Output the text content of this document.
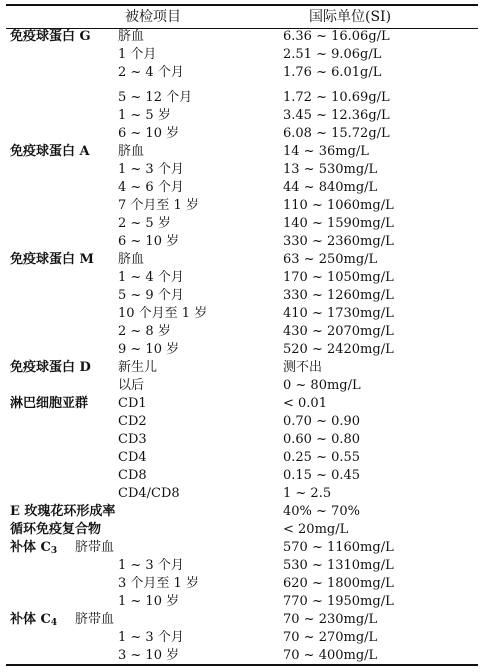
被检项目	国际单位(SI)
免疫球蛋白 G 脐血	6.36 ~ 16.06g/L
1 个月	2.51 ~ 9.06g/L
2 ~ 4 个月	1.76 ~ 6.01g/L
5 ~ 12 个月	1.72 ~ 10.69g/L
1 ~ 5 岁	3.45 ~ 12.36g/L
6 ~ 10 岁	6.08 ~ 15.72g/L
免疫球蛋白 A 脐血	14 ~ 36mg/L
1 ~ 3 个月	13 ~ 530mg/L
4 ~ 6 个月	44 ~ 840mg/L
7 个月至 1 岁	110 ~ 1060mg/L
2 ~ 5 岁	140 ~ 1590mg/L
6 ~ 10 岁	330 ~ 2360mg/L
免疫球蛋白 M 脐血	63 ~ 250mg/L
1 ~ 4 个月	170 ~ 1050mg/L
5 ~ 9 个月	330 ~ 1260mg/L
10 个月至 1 岁	410 ~ 1730mg/L
2 ~ 8 岁	430 ~ 2070mg/L
9 ~ 10 岁	520 ~ 2420mg/L
免疫球蛋白 D 新生儿	测不出
以后	0 ~ 80mg/L
淋巴细胞亚群 CD1	< 0.01
CD2	0.70 ~ 0.90
CD3	0.60 ~ 0.80
CD4	0.25 ~ 0.55
CD8	0.15 ~ 0.45
CD4/CD8	1 ~ 2.5
E 玫瑰花环形成率	40% ~ 70%
循环免疫复合物	< 20mg/L
补体 $C_3$ 脐带血	570 ~ 1160mg/L
1 ~ 3 个月	530 ~ 1310mg/L
3 个月至 1 岁	620 ~ 1800mg/L
1 ~ 10 岁	770 ~ 1950mg/L
补体 $C_4$ 脐带血	70 ~ 230mg/L
1 ~ 3 个月	70 ~ 270mg/L
3 ~ 10 岁	70 ~ 400mg/L
